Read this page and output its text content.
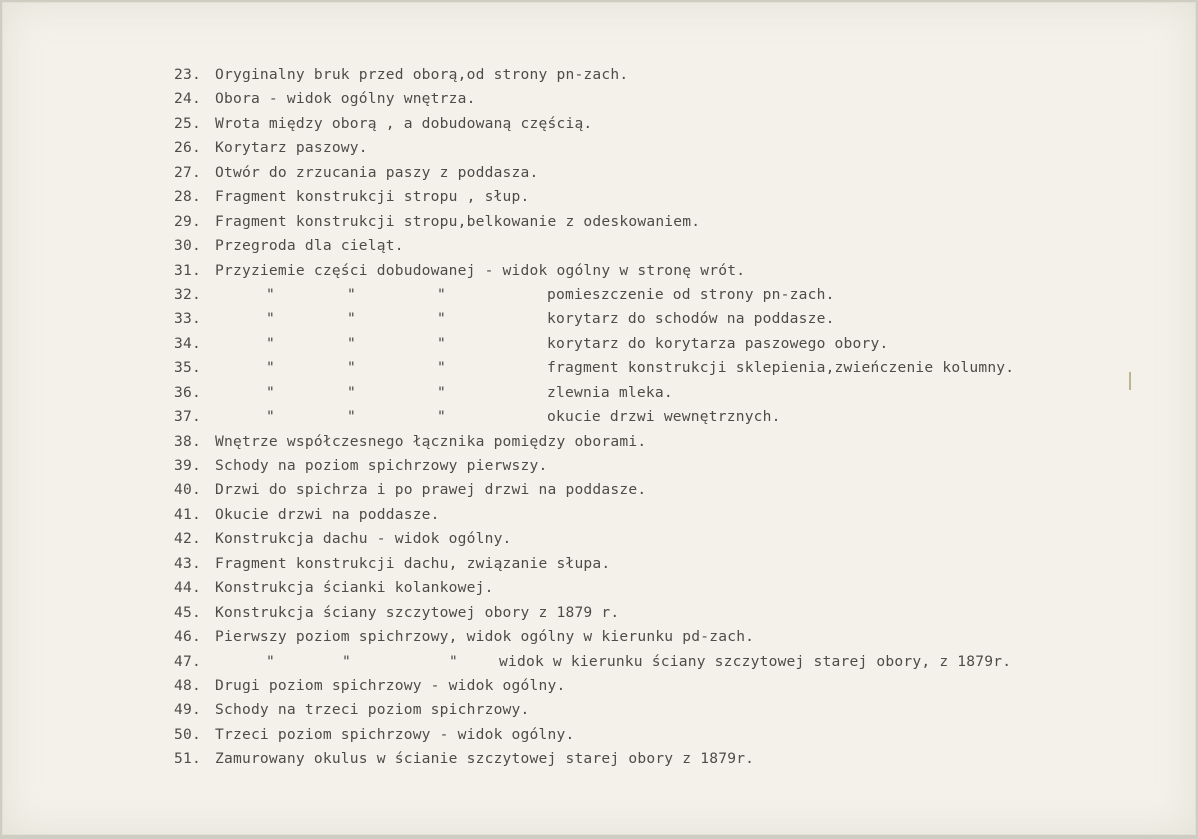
23. Oryginalny bruk przed oborą,od strony pn-zach.
24. Obora - widok ogólny wnętrza.
25. Wrota między oborą , a dobudowaną częścią.
26. Korytarz paszowy.
27. Otwór do zrzucania paszy z poddasza.
28. Fragment konstrukcji stropu , słup.
29. Fragment konstrukcji stropu,belkowanie z odeskowaniem.
30. Przegroda dla cieląt.
31. Przyziemie części dobudowanej - widok ogólny w stronę wrót.
32.	"	"	"	pomieszczenie od strony pn-zach.
33.	"	"	"	korytarz do schodów na poddasze.
34.	"	"	"	korytarz do korytarza paszowego obory.
35.	"	"	"	fragment konstrukcji sklepienia,zwieńczenie kolumny.
36.	"	"	"	zlewnia mleka.
37.	"	"	"	okucie drzwi wewnętrznych.
38. Wnętrze współczesnego łącznika pomiędzy oborami.
39. Schody na poziom spichrzowy pierwszy.
40. Drzwi do spichrza i po prawej drzwi na poddasze.
41. Okucie drzwi na poddasze.
42. Konstrukcja dachu - widok ogólny.
43. Fragment konstrukcji dachu, związanie słupa.
44. Konstrukcja ścianki kolankowej.
45. Konstrukcja ściany szczytowej obory z 1879 r.
46. Pierwszy poziom spichrzowy, widok ogólny w kierunku pd-zach.
47.	"	"	"	widok w kierunku ściany szczytowej starej obory, z 1879r.
48. Drugi poziom spichrzowy - widok ogólny.
49. Schody na trzeci poziom spichrzowy.
50. Trzeci poziom spichrzowy - widok ogólny.
51. Zamurowany okulus w ścianie szczytowej starej obory z 1879r.
